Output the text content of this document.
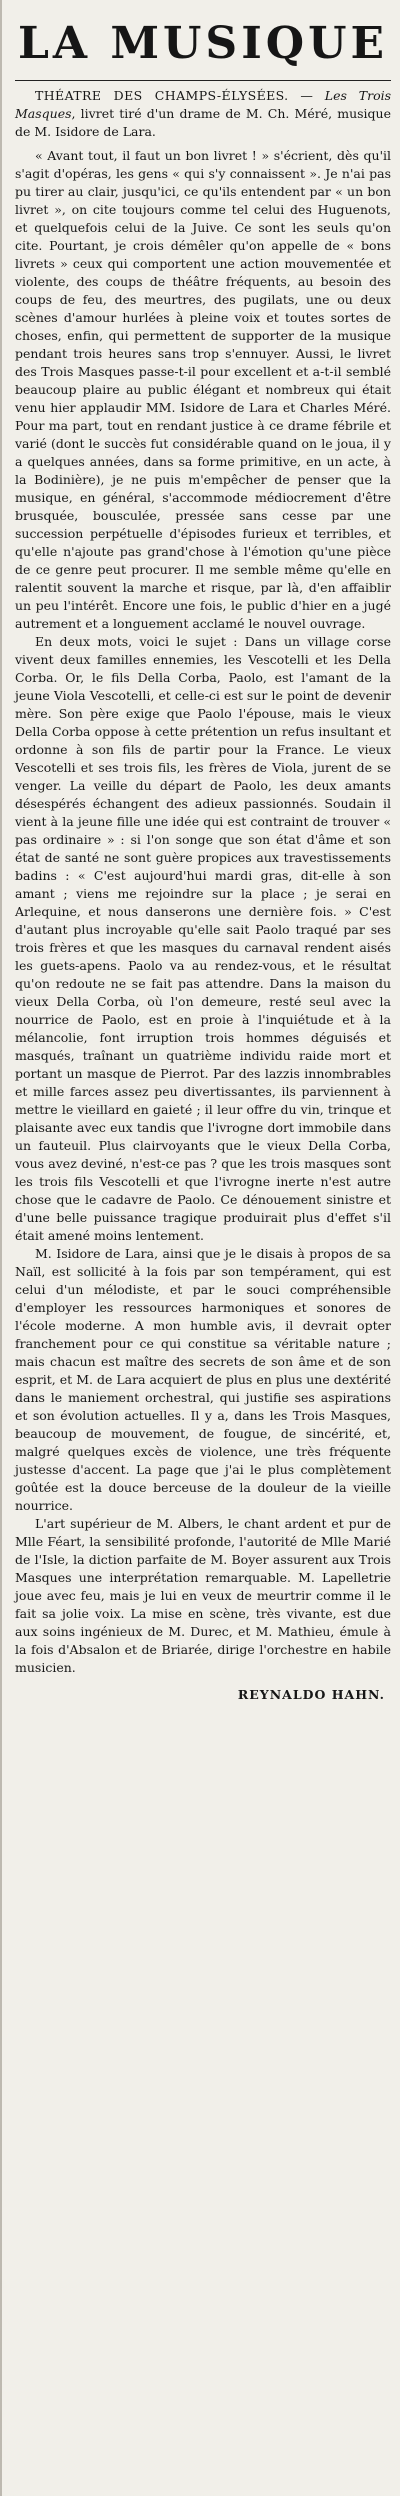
LA MUSIQUE

THÉATRE DES CHAMPS-ÉLYSÉES. — Les Trois Masques, livret tiré d'un drame de M. Ch. Méré, musique de M. Isidore de Lara.

« Avant tout, il faut un bon livret ! » s'écrient, dès qu'il s'agit d'opéras, les gens « qui s'y connaissent ». Je n'ai pas pu tirer au clair, jusqu'ici, ce qu'ils entendent par « un bon livret », on cite toujours comme tel celui des Huguenots, et quelquefois celui de la Juive. Ce sont les seuls qu'on cite. Pourtant, je crois démêler qu'on appelle de « bons livrets » ceux qui comportent une action mouvementée et violente, des coups de théâtre fréquents, au besoin des coups de feu, des meurtres, des pugilats, une ou deux scènes d'amour hurlées à pleine voix et toutes sortes de choses, enfin, qui permettent de supporter de la musique pendant trois heures sans trop s'ennuyer. Aussi, le livret des Trois Masques passe-t-il pour excellent et a-t-il semblé beaucoup plaire au public élégant et nombreux qui était venu hier applaudir MM. Isidore de Lara et Charles Méré. Pour ma part, tout en rendant justice à ce drame fébrile et varié (dont le succès fut considérable quand on le joua, il y a quelques années, dans sa forme primitive, en un acte, à la Bodinière), je ne puis m'empêcher de penser que la musique, en général, s'accommode médiocrement d'être brusquée, bousculée, pressée sans cesse par une succession perpétuelle d'épisodes furieux et terribles, et qu'elle n'ajoute pas grand'chose à l'émotion qu'une pièce de ce genre peut procurer. Il me semble même qu'elle en ralentit souvent la marche et risque, par là, d'en affaiblir un peu l'intérêt. Encore une fois, le public d'hier en a jugé autrement et a longuement acclamé le nouvel ouvrage.

En deux mots, voici le sujet : Dans un village corse vivent deux familles ennemies, les Vescotelli et les Della Corba. Or, le fils Della Corba, Paolo, est l'amant de la jeune Viola Vescotelli, et celle-ci est sur le point de devenir mère. Son père exige que Paolo l'épouse, mais le vieux Della Corba oppose à cette prétention un refus insultant et ordonne à son fils de partir pour la France. Le vieux Vescotelli et ses trois fils, les frères de Viola, jurent de se venger. La veille du départ de Paolo, les deux amants désespérés échangent des adieux passionnés. Soudain il vient à la jeune fille une idée qui est contraint de trouver « pas ordinaire » : si l'on songe que son état d'âme et son état de santé ne sont guère propices aux travestissements badins : « C'est aujourd'hui mardi gras, dit-elle à son amant ; viens me rejoindre sur la place ; je serai en Arlequine, et nous danserons une dernière fois. » C'est d'autant plus incroyable qu'elle sait Paolo traqué par ses trois frères et que les masques du carnaval rendent aisés les guets-apens. Paolo va au rendez-vous, et le résultat qu'on redoute ne se fait pas attendre. Dans la maison du vieux Della Corba, où l'on demeure, resté seul avec la nourrice de Paolo, est en proie à l'inquiétude et à la mélancolie, font irruption trois hommes déguisés et masqués, traînant un quatrième individu raide mort et portant un masque de Pierrot. Par des lazzis innombrables et mille farces assez peu divertissantes, ils parviennent à mettre le vieillard en gaieté ; il leur offre du vin, trinque et plaisante avec eux tandis que l'ivrogne dort immobile dans un fauteuil. Plus clairvoyants que le vieux Della Corba, vous avez deviné, n'est-ce pas ? que les trois masques sont les trois fils Vescotelli et que l'ivrogne inerte n'est autre chose que le cadavre de Paolo. Ce dénouement sinistre et d'une belle puissance tragique produirait plus d'effet s'il était amené moins lentement.

M. Isidore de Lara, ainsi que je le disais à propos de sa Naïl, est sollicité à la fois par son tempérament, qui est celui d'un mélodiste, et par le souci compréhensible d'employer les ressources harmoniques et sonores de l'école moderne. A mon humble avis, il devrait opter franchement pour ce qui constitue sa véritable nature ; mais chacun est maître des secrets de son âme et de son esprit, et M. de Lara acquiert de plus en plus une dextérité dans le maniement orchestral, qui justifie ses aspirations et son évolution actuelles. Il y a, dans les Trois Masques, beaucoup de mouvement, de fougue, de sincérité, et, malgré quelques excès de violence, une très fréquente justesse d'accent. La page que j'ai le plus complètement goûtée est la douce berceuse de la douleur de la vieille nourrice.

L'art supérieur de M. Albers, le chant ardent et pur de Mlle Féart, la sensibilité profonde, l'autorité de Mlle Marié de l'Isle, la diction parfaite de M. Boyer assurent aux Trois Masques une interprétation remarquable. M. Lapelletrie joue avec feu, mais je lui en veux de meurtrir comme il le fait sa jolie voix. La mise en scène, très vivante, est due aux soins ingénieux de M. Durec, et M. Mathieu, émule à la fois d'Absalon et de Briarée, dirige l'orchestre en habile musicien.

REYNALDO HAHN.
